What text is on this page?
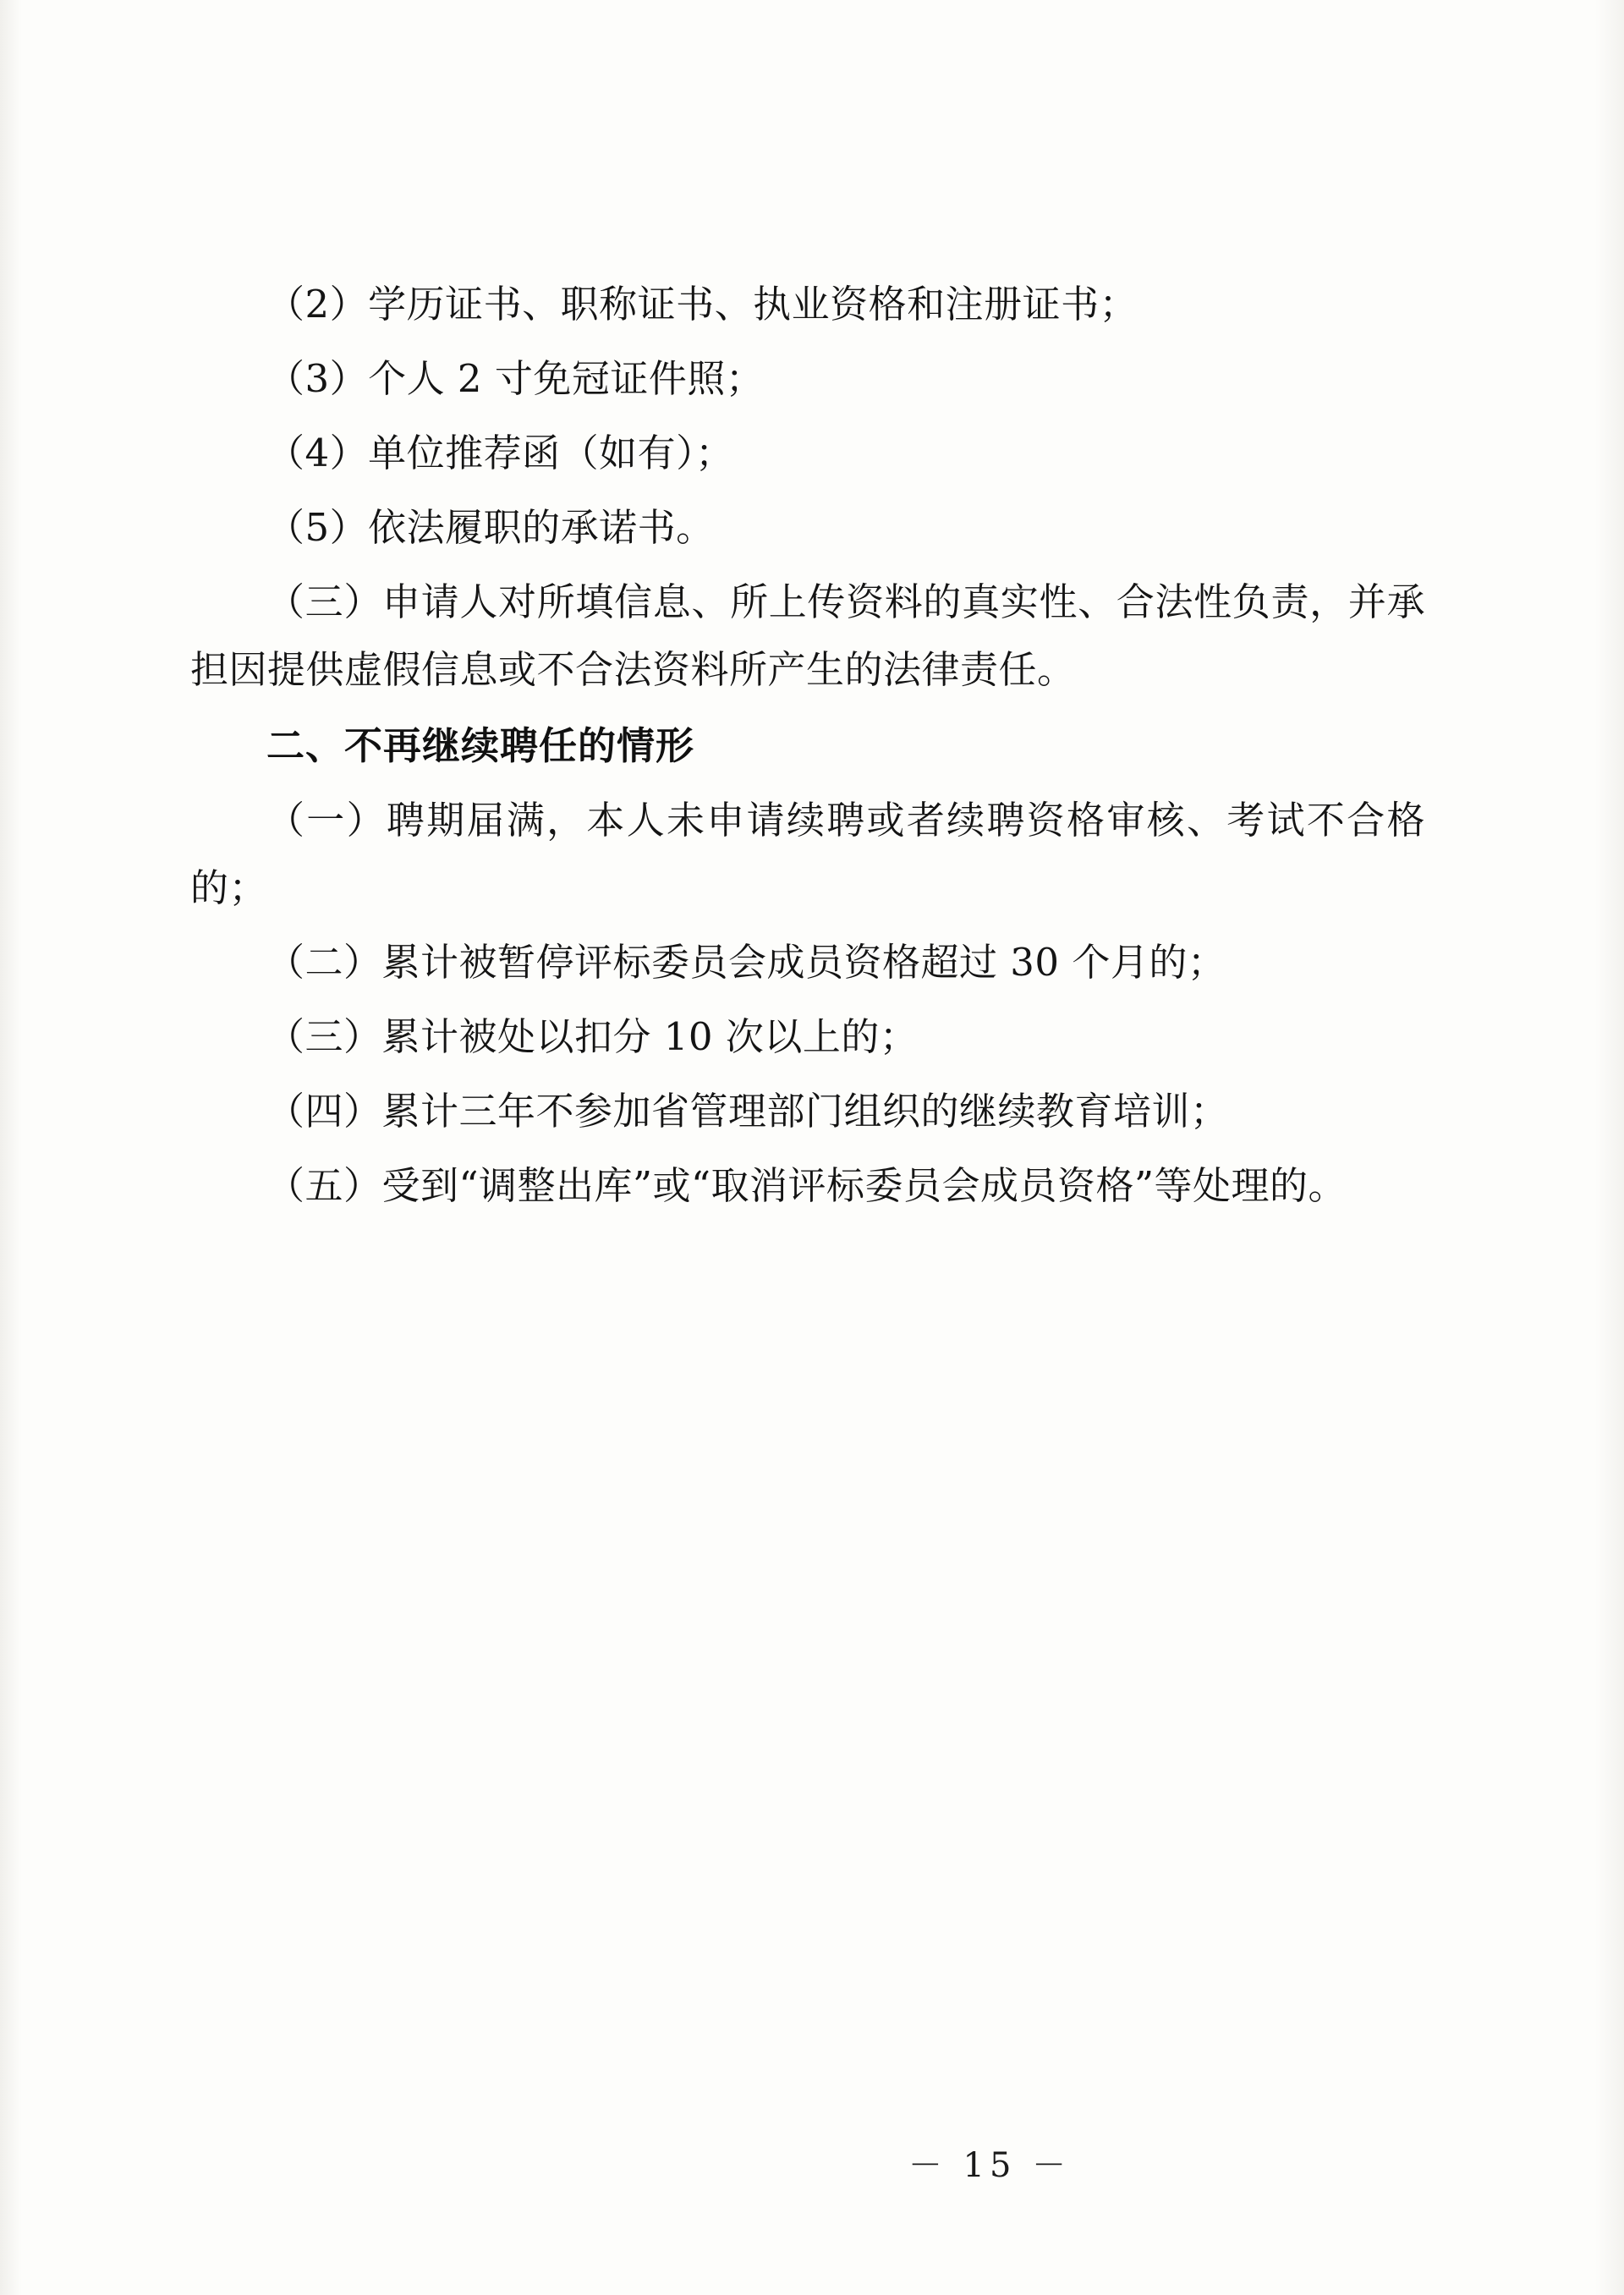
（2）学历证书、职称证书、执业资格和注册证书；

（3）个人 2 寸免冠证件照；

（4）单位推荐函（如有）；

（5）依法履职的承诺书。

（三）申请人对所填信息、所上传资料的真实性、合法性负责，并承担因提供虚假信息或不合法资料所产生的法律责任。

二、不再继续聘任的情形

（一）聘期届满，本人未申请续聘或者续聘资格审核、考试不合格的；

（二）累计被暂停评标委员会成员资格超过 30 个月的；

（三）累计被处以扣分 10 次以上的；

（四）累计三年不参加省管理部门组织的继续教育培训；

（五）受到“调整出库”或“取消评标委员会成员资格”等处理的。

－ 15 －
